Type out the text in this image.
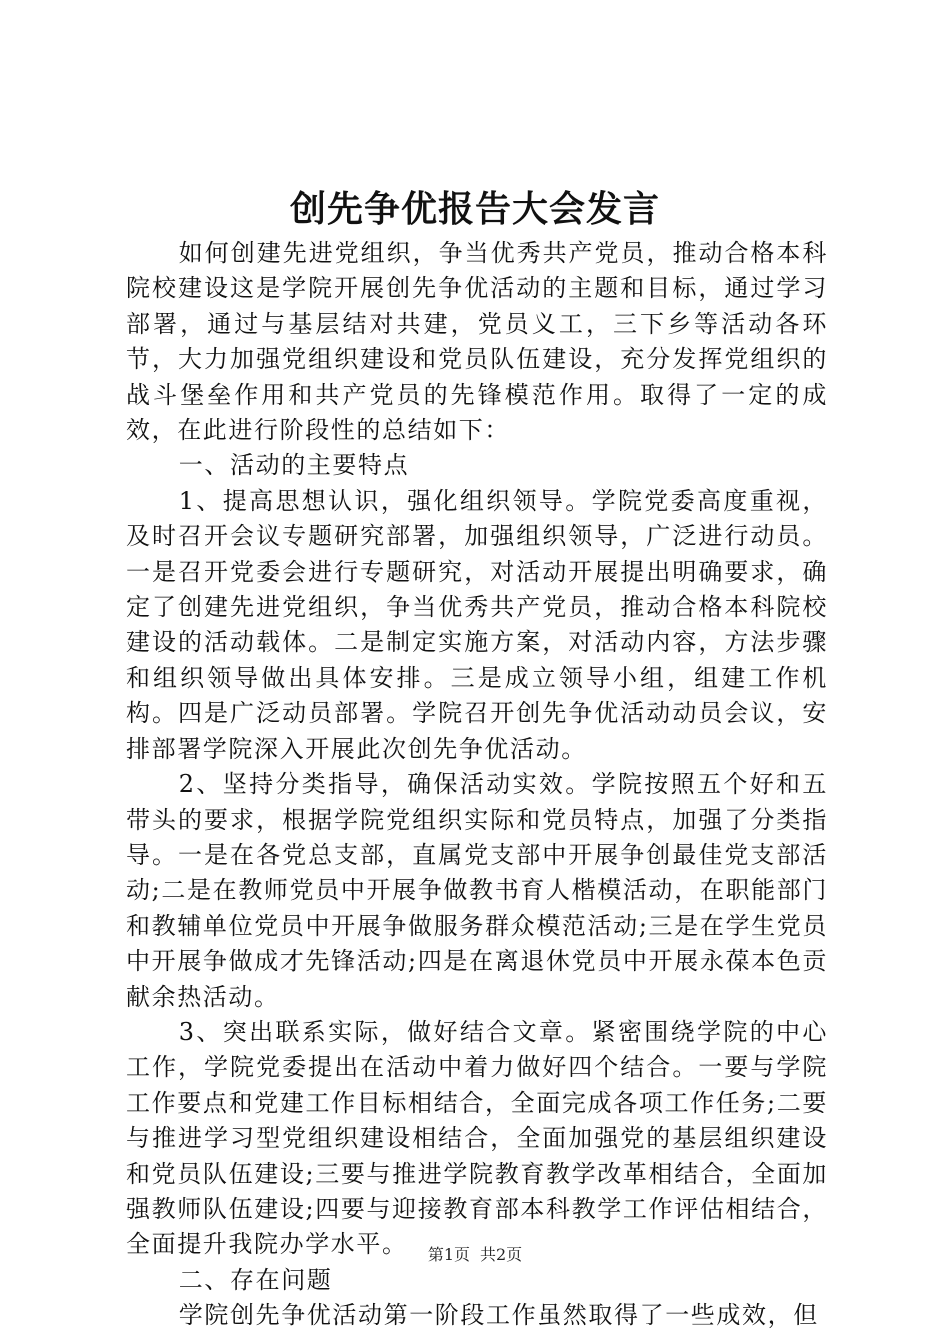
创先争优报告大会发言

如何创建先进党组织，争当优秀共产党员，推动合格本科院校建设这是学院开展创先争优活动的主题和目标，通过学习部署，通过与基层结对共建，党员义工，三下乡等活动各环节，大力加强党组织建设和党员队伍建设，充分发挥党组织的战斗堡垒作用和共产党员的先锋模范作用。取得了一定的成效，在此进行阶段性的总结如下：

一、活动的主要特点

1、提高思想认识，强化组织领导。学院党委高度重视，及时召开会议专题研究部署，加强组织领导，广泛进行动员。一是召开党委会进行专题研究，对活动开展提出明确要求，确定了创建先进党组织，争当优秀共产党员，推动合格本科院校建设的活动载体。二是制定实施方案，对活动内容，方法步骤和组织领导做出具体安排。三是成立领导小组，组建工作机构。四是广泛动员部署。学院召开创先争优活动动员会议，安排部署学院深入开展此次创先争优活动。

2、坚持分类指导，确保活动实效。学院按照五个好和五带头的要求，根据学院党组织实际和党员特点，加强了分类指导。一是在各党总支部，直属党支部中开展争创最佳党支部活动;二是在教师党员中开展争做教书育人楷模活动，在职能部门和教辅单位党员中开展争做服务群众模范活动;三是在学生党员中开展争做成才先锋活动;四是在离退休党员中开展永葆本色贡献余热活动。

3、突出联系实际，做好结合文章。紧密围绕学院的中心工作，学院党委提出在活动中着力做好四个结合。一要与学院工作要点和党建工作目标相结合，全面完成各项工作任务;二要与推进学习型党组织建设相结合，全面加强党的基层组织建设和党员队伍建设;三要与推进学院教育教学改革相结合，全面加强教师队伍建设;四要与迎接教育部本科教学工作评估相结合，全面提升我院办学水平。

二、存在问题

学院创先争优活动第一阶段工作虽然取得了一些成效，但

第1页 共2页
